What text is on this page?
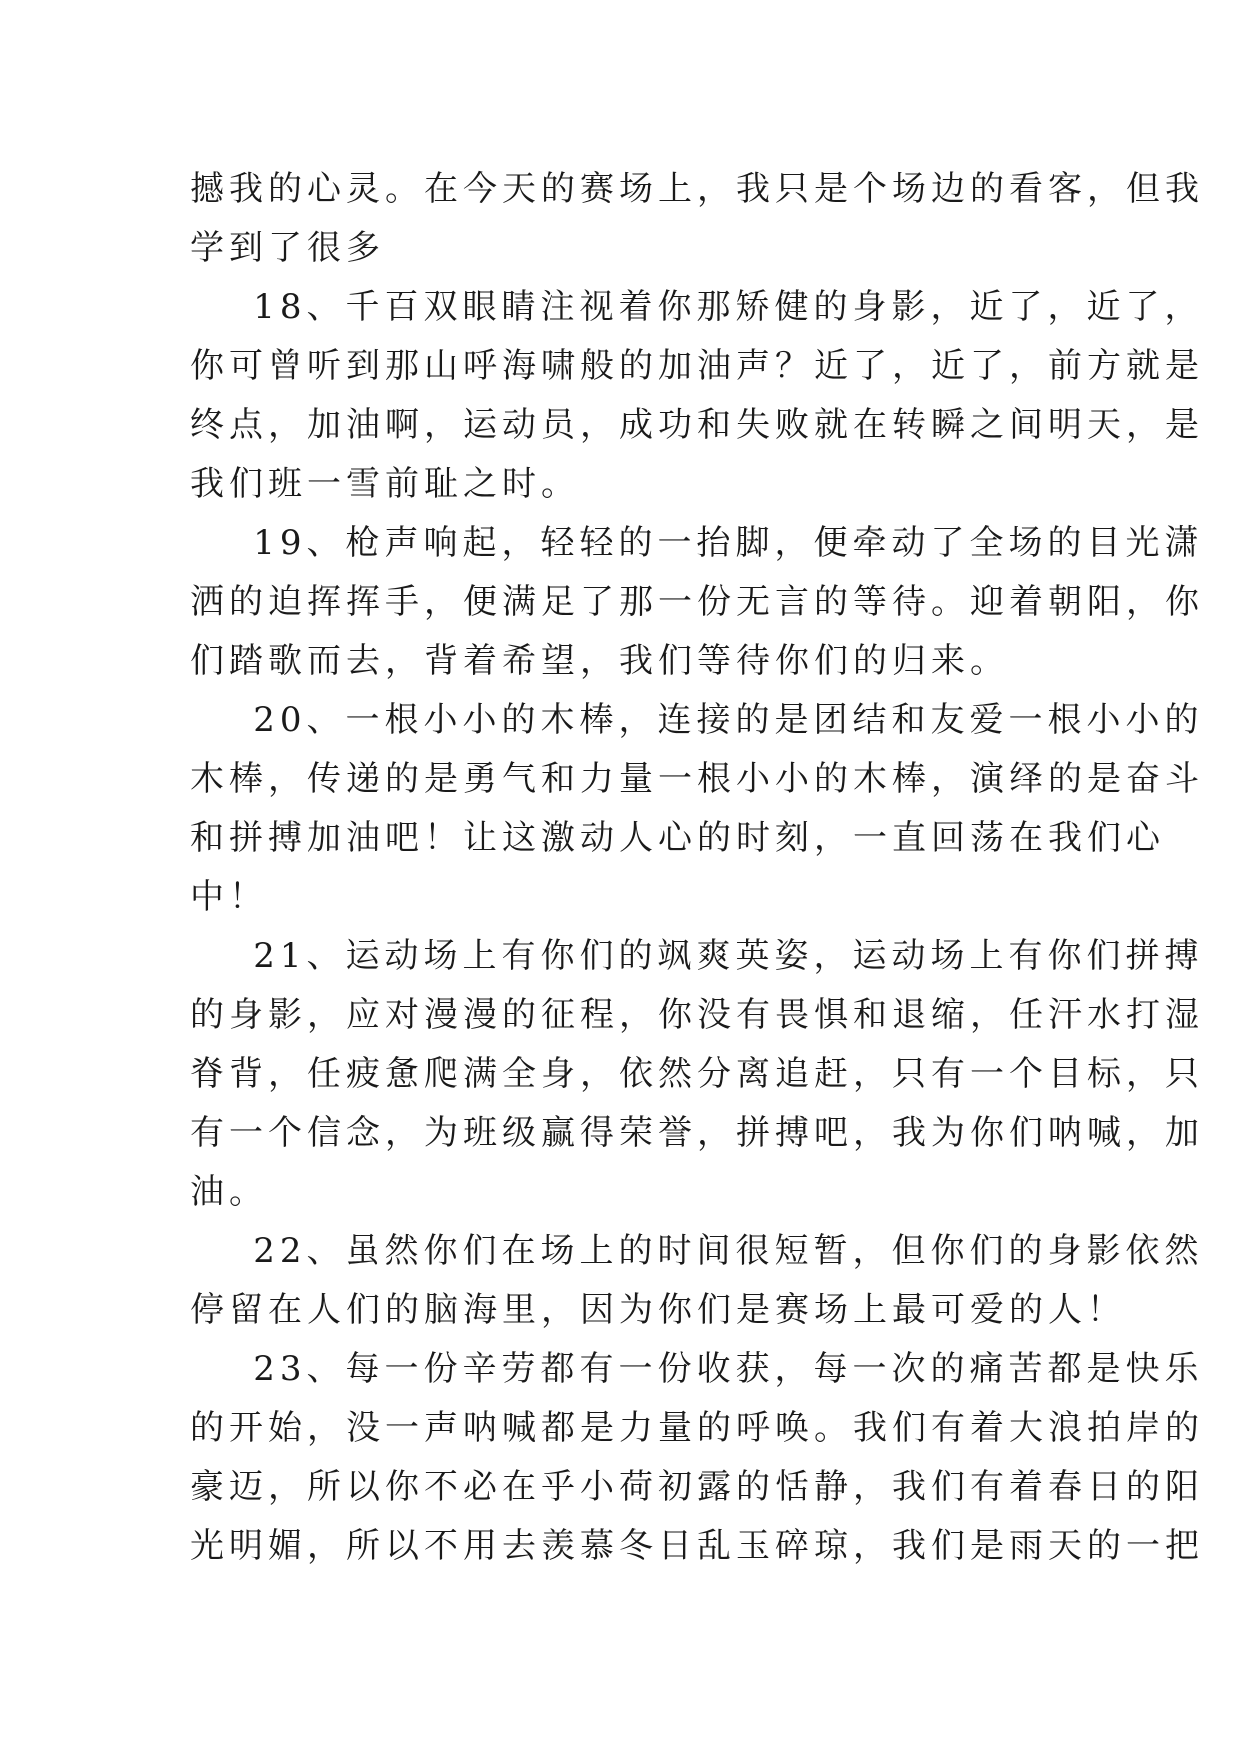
撼我的心灵。在今天的赛场上，我只是个场边的看客，但我
学到了很多
18、千百双眼睛注视着你那矫健的身影，近了，近了，
你可曾听到那山呼海啸般的加油声？近了，近了，前方就是
终点，加油啊，运动员，成功和失败就在转瞬之间明天，是
我们班一雪前耻之时。
19、枪声响起，轻轻的一抬脚，便牵动了全场的目光潇
洒的迫挥挥手，便满足了那一份无言的等待。迎着朝阳，你
们踏歌而去，背着希望，我们等待你们的归来。
20、一根小小的木棒，连接的是团结和友爱一根小小的
木棒，传递的是勇气和力量一根小小的木棒，演绎的是奋斗
和拼搏加油吧！让这激动人心的时刻，一直回荡在我们心
中！
21、运动场上有你们的飒爽英姿，运动场上有你们拼搏
的身影，应对漫漫的征程，你没有畏惧和退缩，任汗水打湿
脊背，任疲惫爬满全身，依然分离追赶，只有一个目标，只
有一个信念，为班级赢得荣誉，拼搏吧，我为你们呐喊，加
油。
22、虽然你们在场上的时间很短暂，但你们的身影依然
停留在人们的脑海里，因为你们是赛场上最可爱的人！
23、每一份辛劳都有一份收获，每一次的痛苦都是快乐
的开始，没一声呐喊都是力量的呼唤。我们有着大浪拍岸的
豪迈，所以你不必在乎小荷初露的恬静，我们有着春日的阳
光明媚，所以不用去羡慕冬日乱玉碎琼，我们是雨天的一把
